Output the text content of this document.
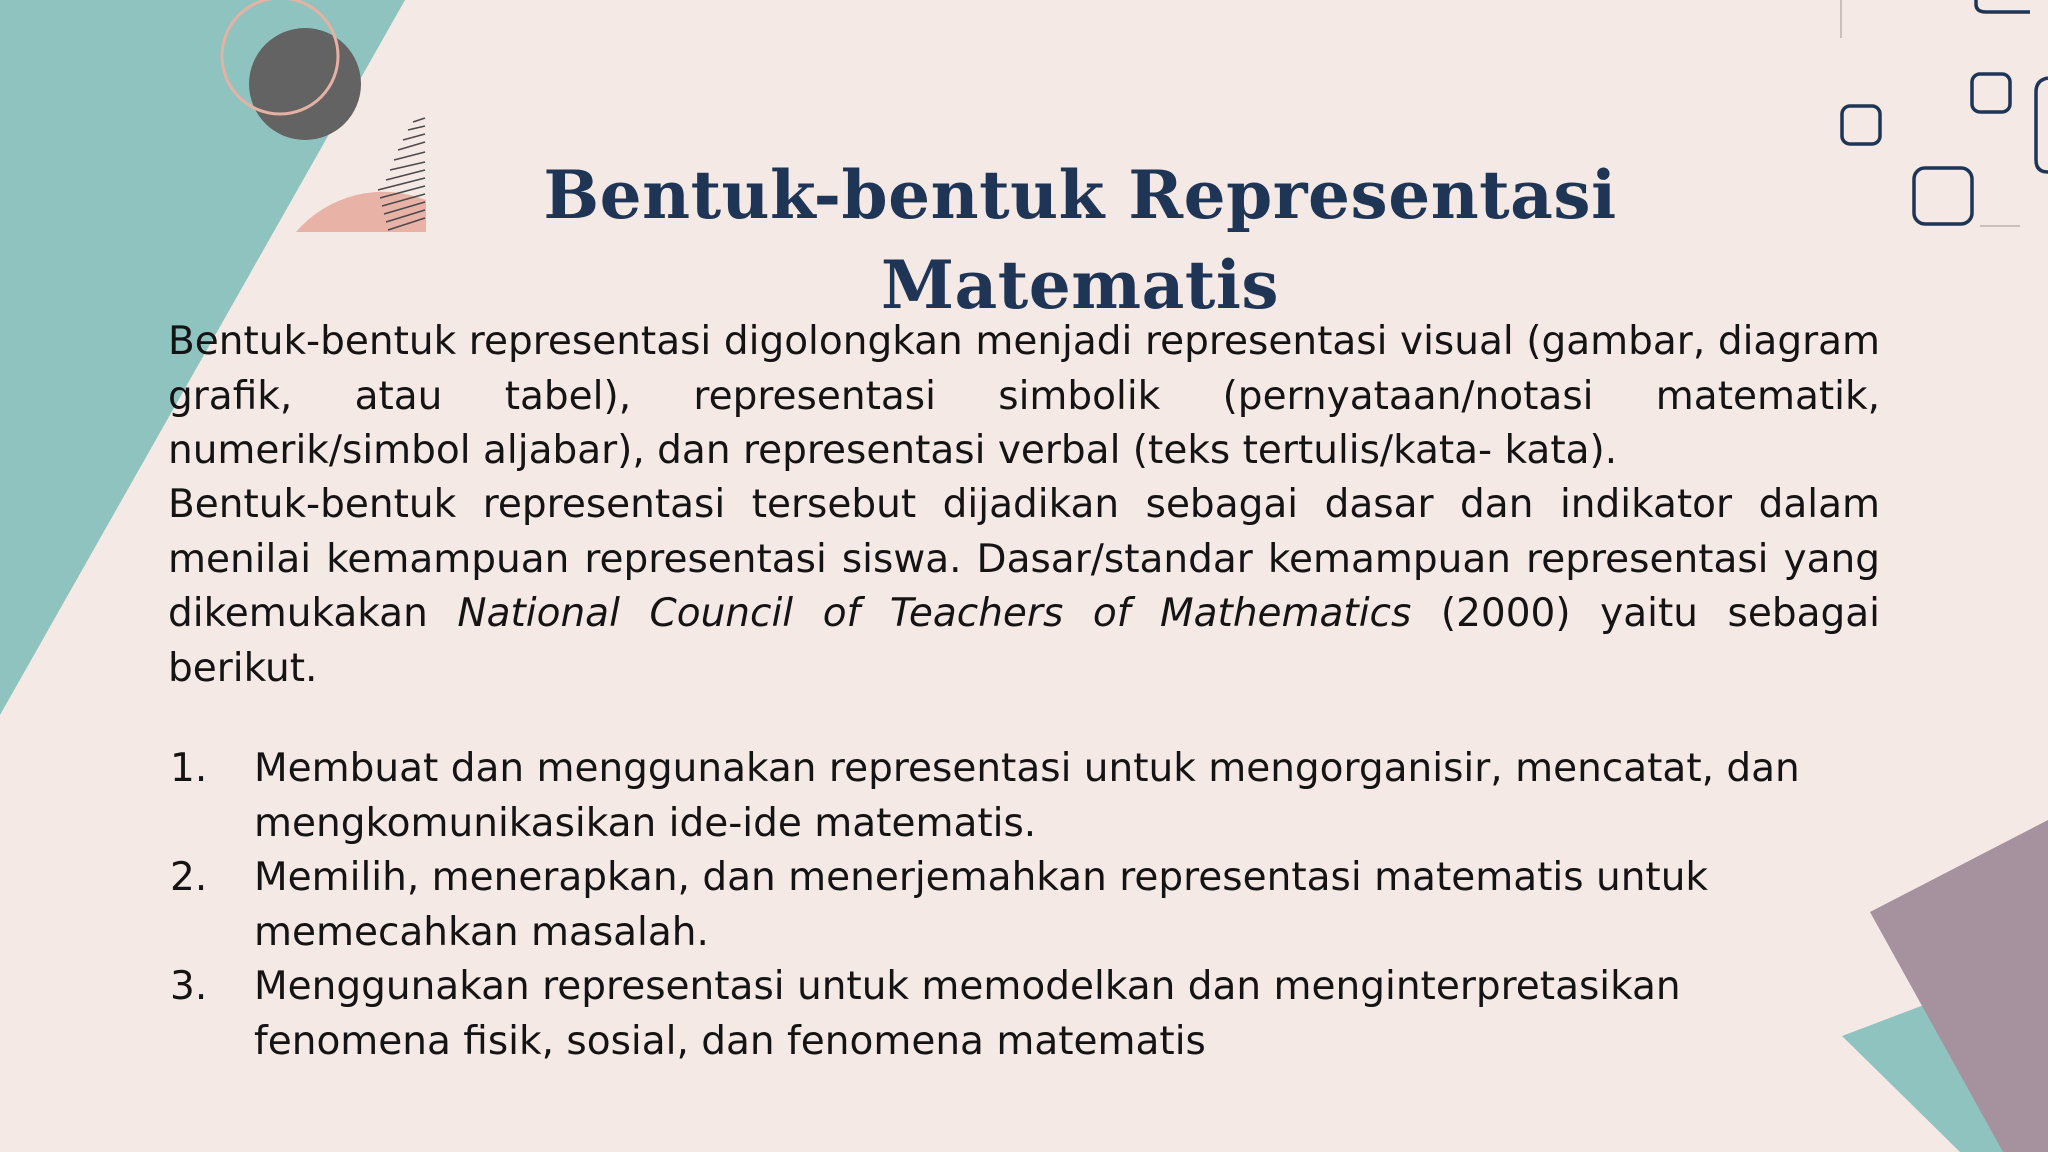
Bentuk-bentuk Representasi Matematis

Bentuk-bentuk representasi digolongkan menjadi representasi visual (gambar, diagram grafik, atau tabel), representasi simbolik (pernyataan/notasi matematik, numerik/simbol aljabar), dan representasi verbal (teks tertulis/kata- kata).

Bentuk-bentuk representasi tersebut dijadikan sebagai dasar dan indikator dalam menilai kemampuan representasi siswa. Dasar/standar kemampuan representasi yang dikemukakan National Council of Teachers of Mathematics (2000) yaitu sebagai berikut.

1. Membuat dan menggunakan representasi untuk mengorganisir, mencatat, dan mengkomunikasikan ide-ide matematis.
2. Memilih, menerapkan, dan menerjemahkan representasi matematis untuk memecahkan masalah.
3. Menggunakan representasi untuk memodelkan dan menginterpretasikan fenomena fisik, sosial, dan fenomena matematis
